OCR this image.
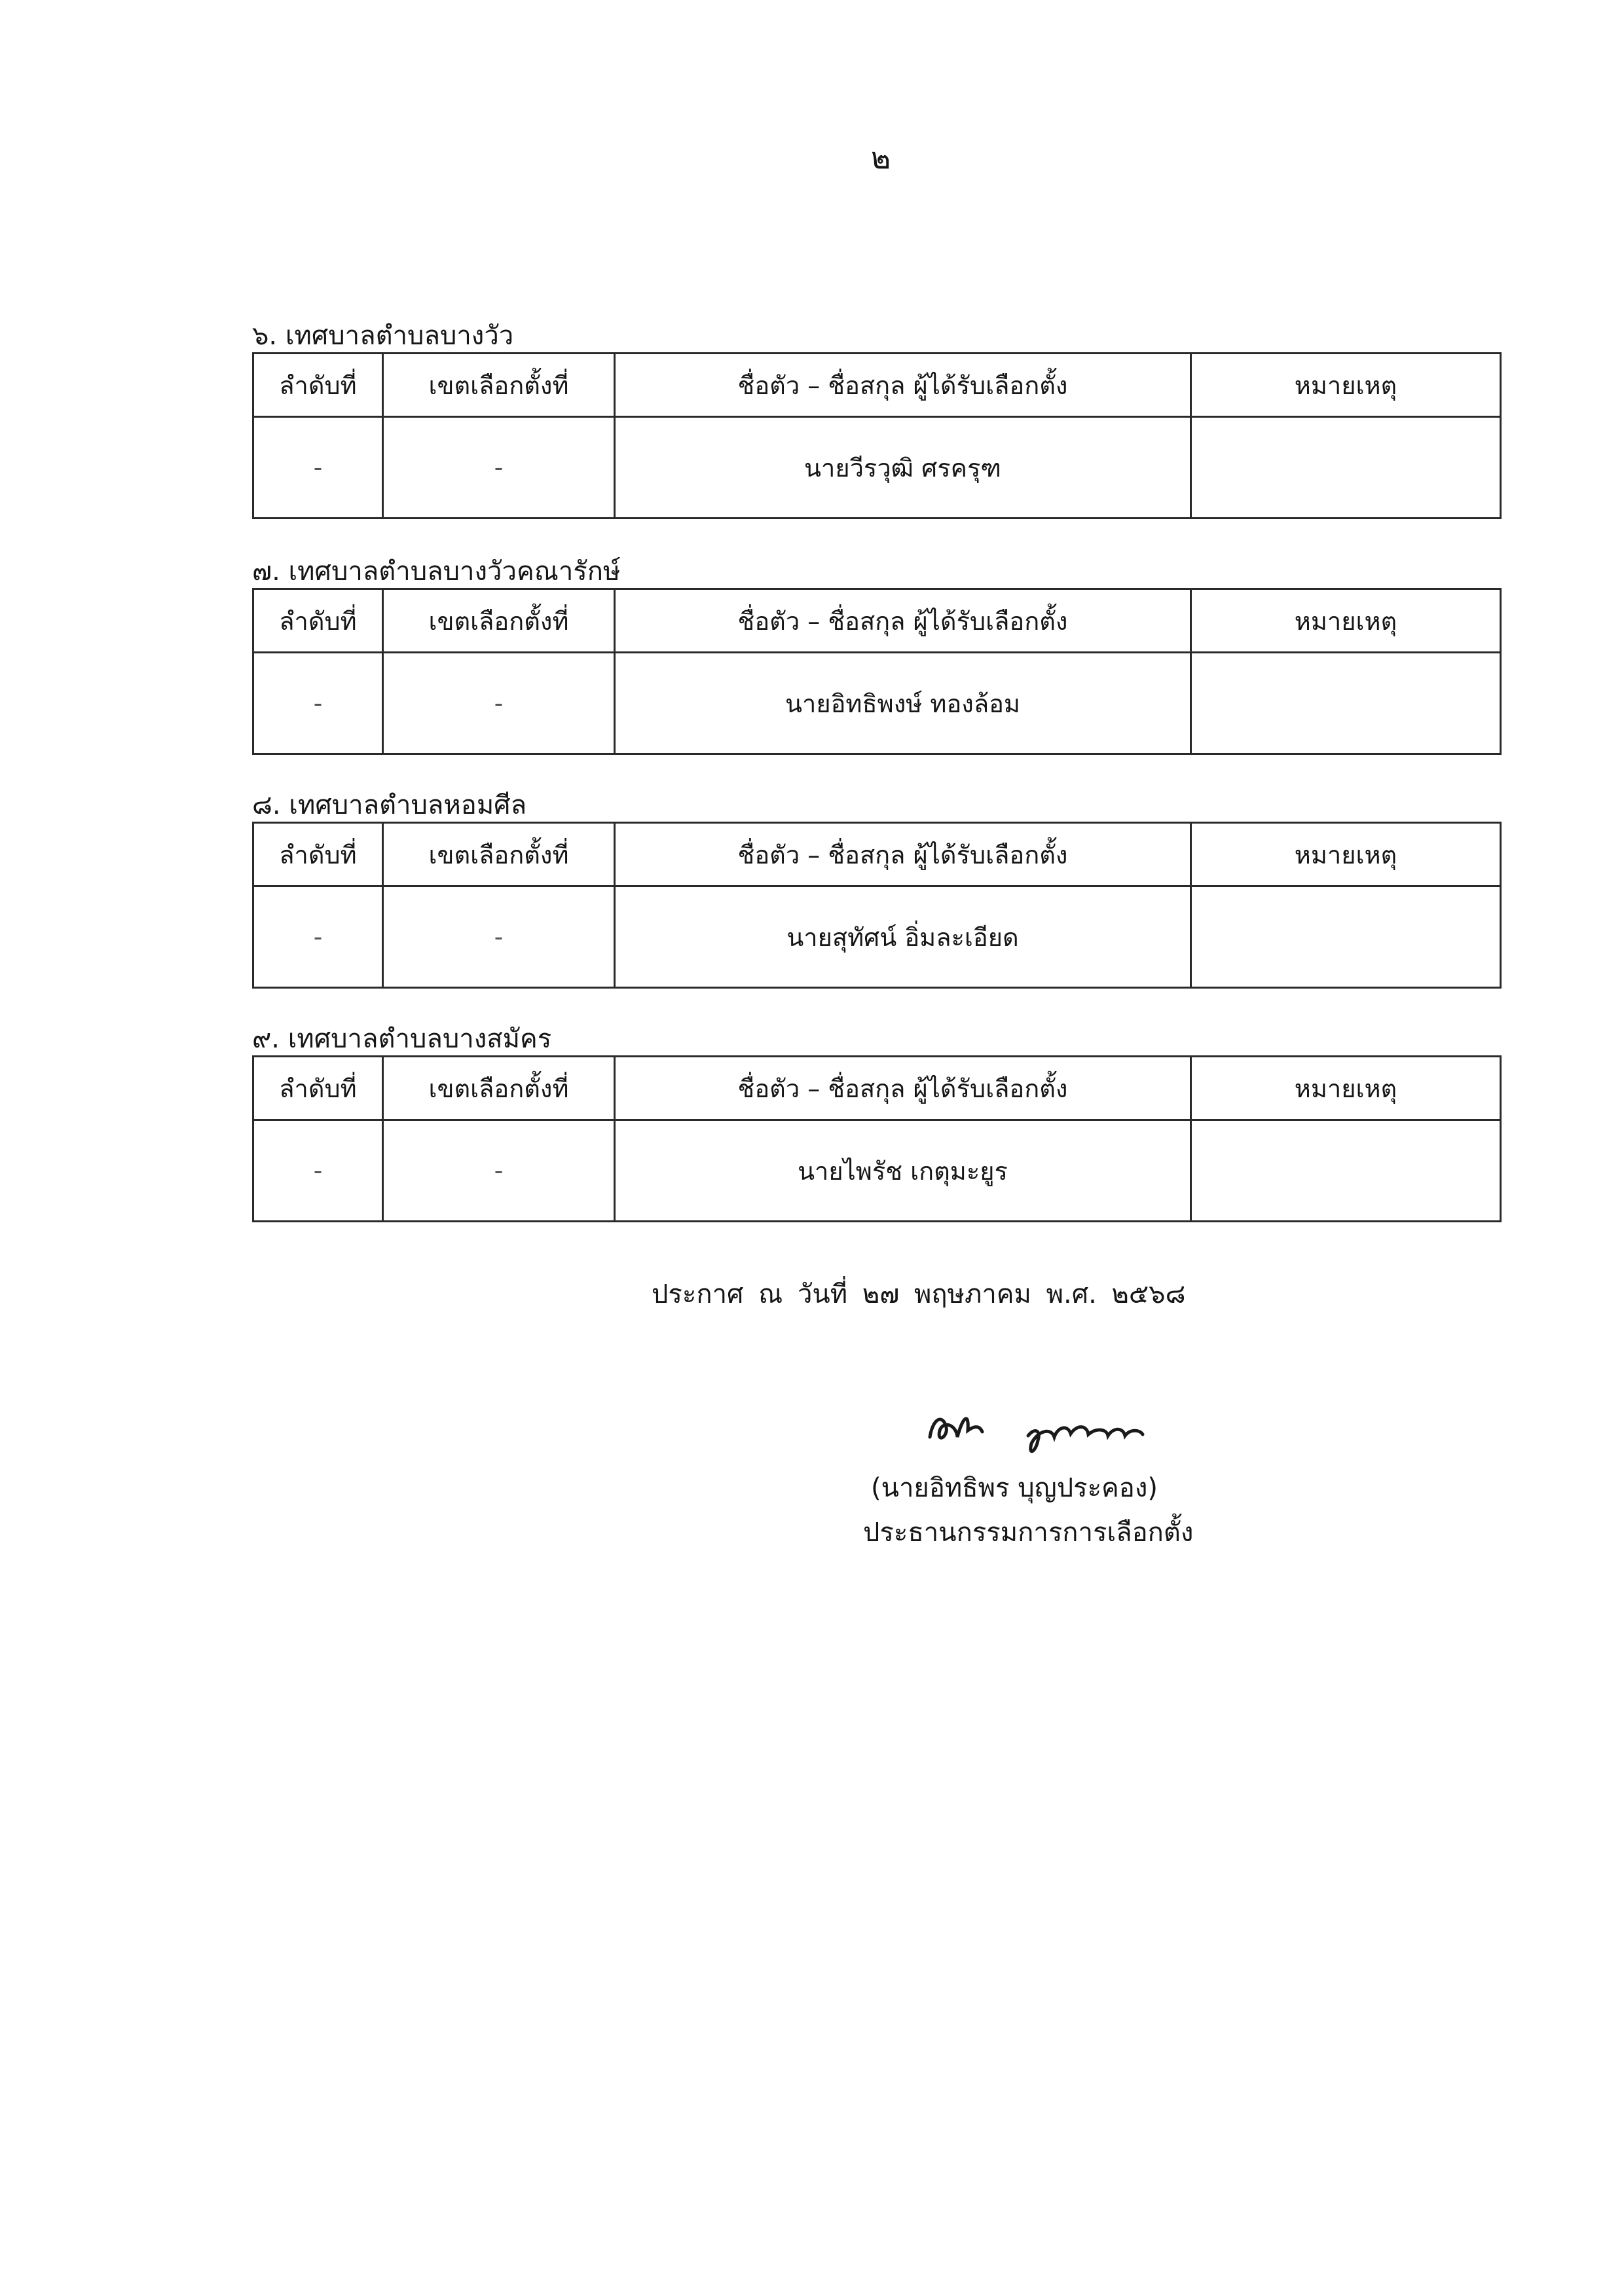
๒
๖. เทศบาลตำบลบางวัว
ลำดับที่	เขตเลือกตั้งที่	ชื่อตัว – ชื่อสกุล ผู้ได้รับเลือกตั้ง	หมายเหตุ
-	-	นายวีรวุฒิ ศรครุฑ	
๗. เทศบาลตำบลบางวัวคณารักษ์
ลำดับที่	เขตเลือกตั้งที่	ชื่อตัว – ชื่อสกุล ผู้ได้รับเลือกตั้ง	หมายเหตุ
-	-	นายอิทธิพงษ์ ทองล้อม	
๘. เทศบาลตำบลหอมศีล
ลำดับที่	เขตเลือกตั้งที่	ชื่อตัว – ชื่อสกุล ผู้ได้รับเลือกตั้ง	หมายเหตุ
-	-	นายสุทัศน์ อิ่มละเอียด	
๙. เทศบาลตำบลบางสมัคร
ลำดับที่	เขตเลือกตั้งที่	ชื่อตัว – ชื่อสกุล ผู้ได้รับเลือกตั้ง	หมายเหตุ
-	-	นายไพรัช เกตุมะยูร	
ประกาศ ณ วันที่ ๒๗ พฤษภาคม พ.ศ. ๒๕๖๘
(นายอิทธิพร บุญประคอง)
ประธานกรรมการการเลือกตั้ง
